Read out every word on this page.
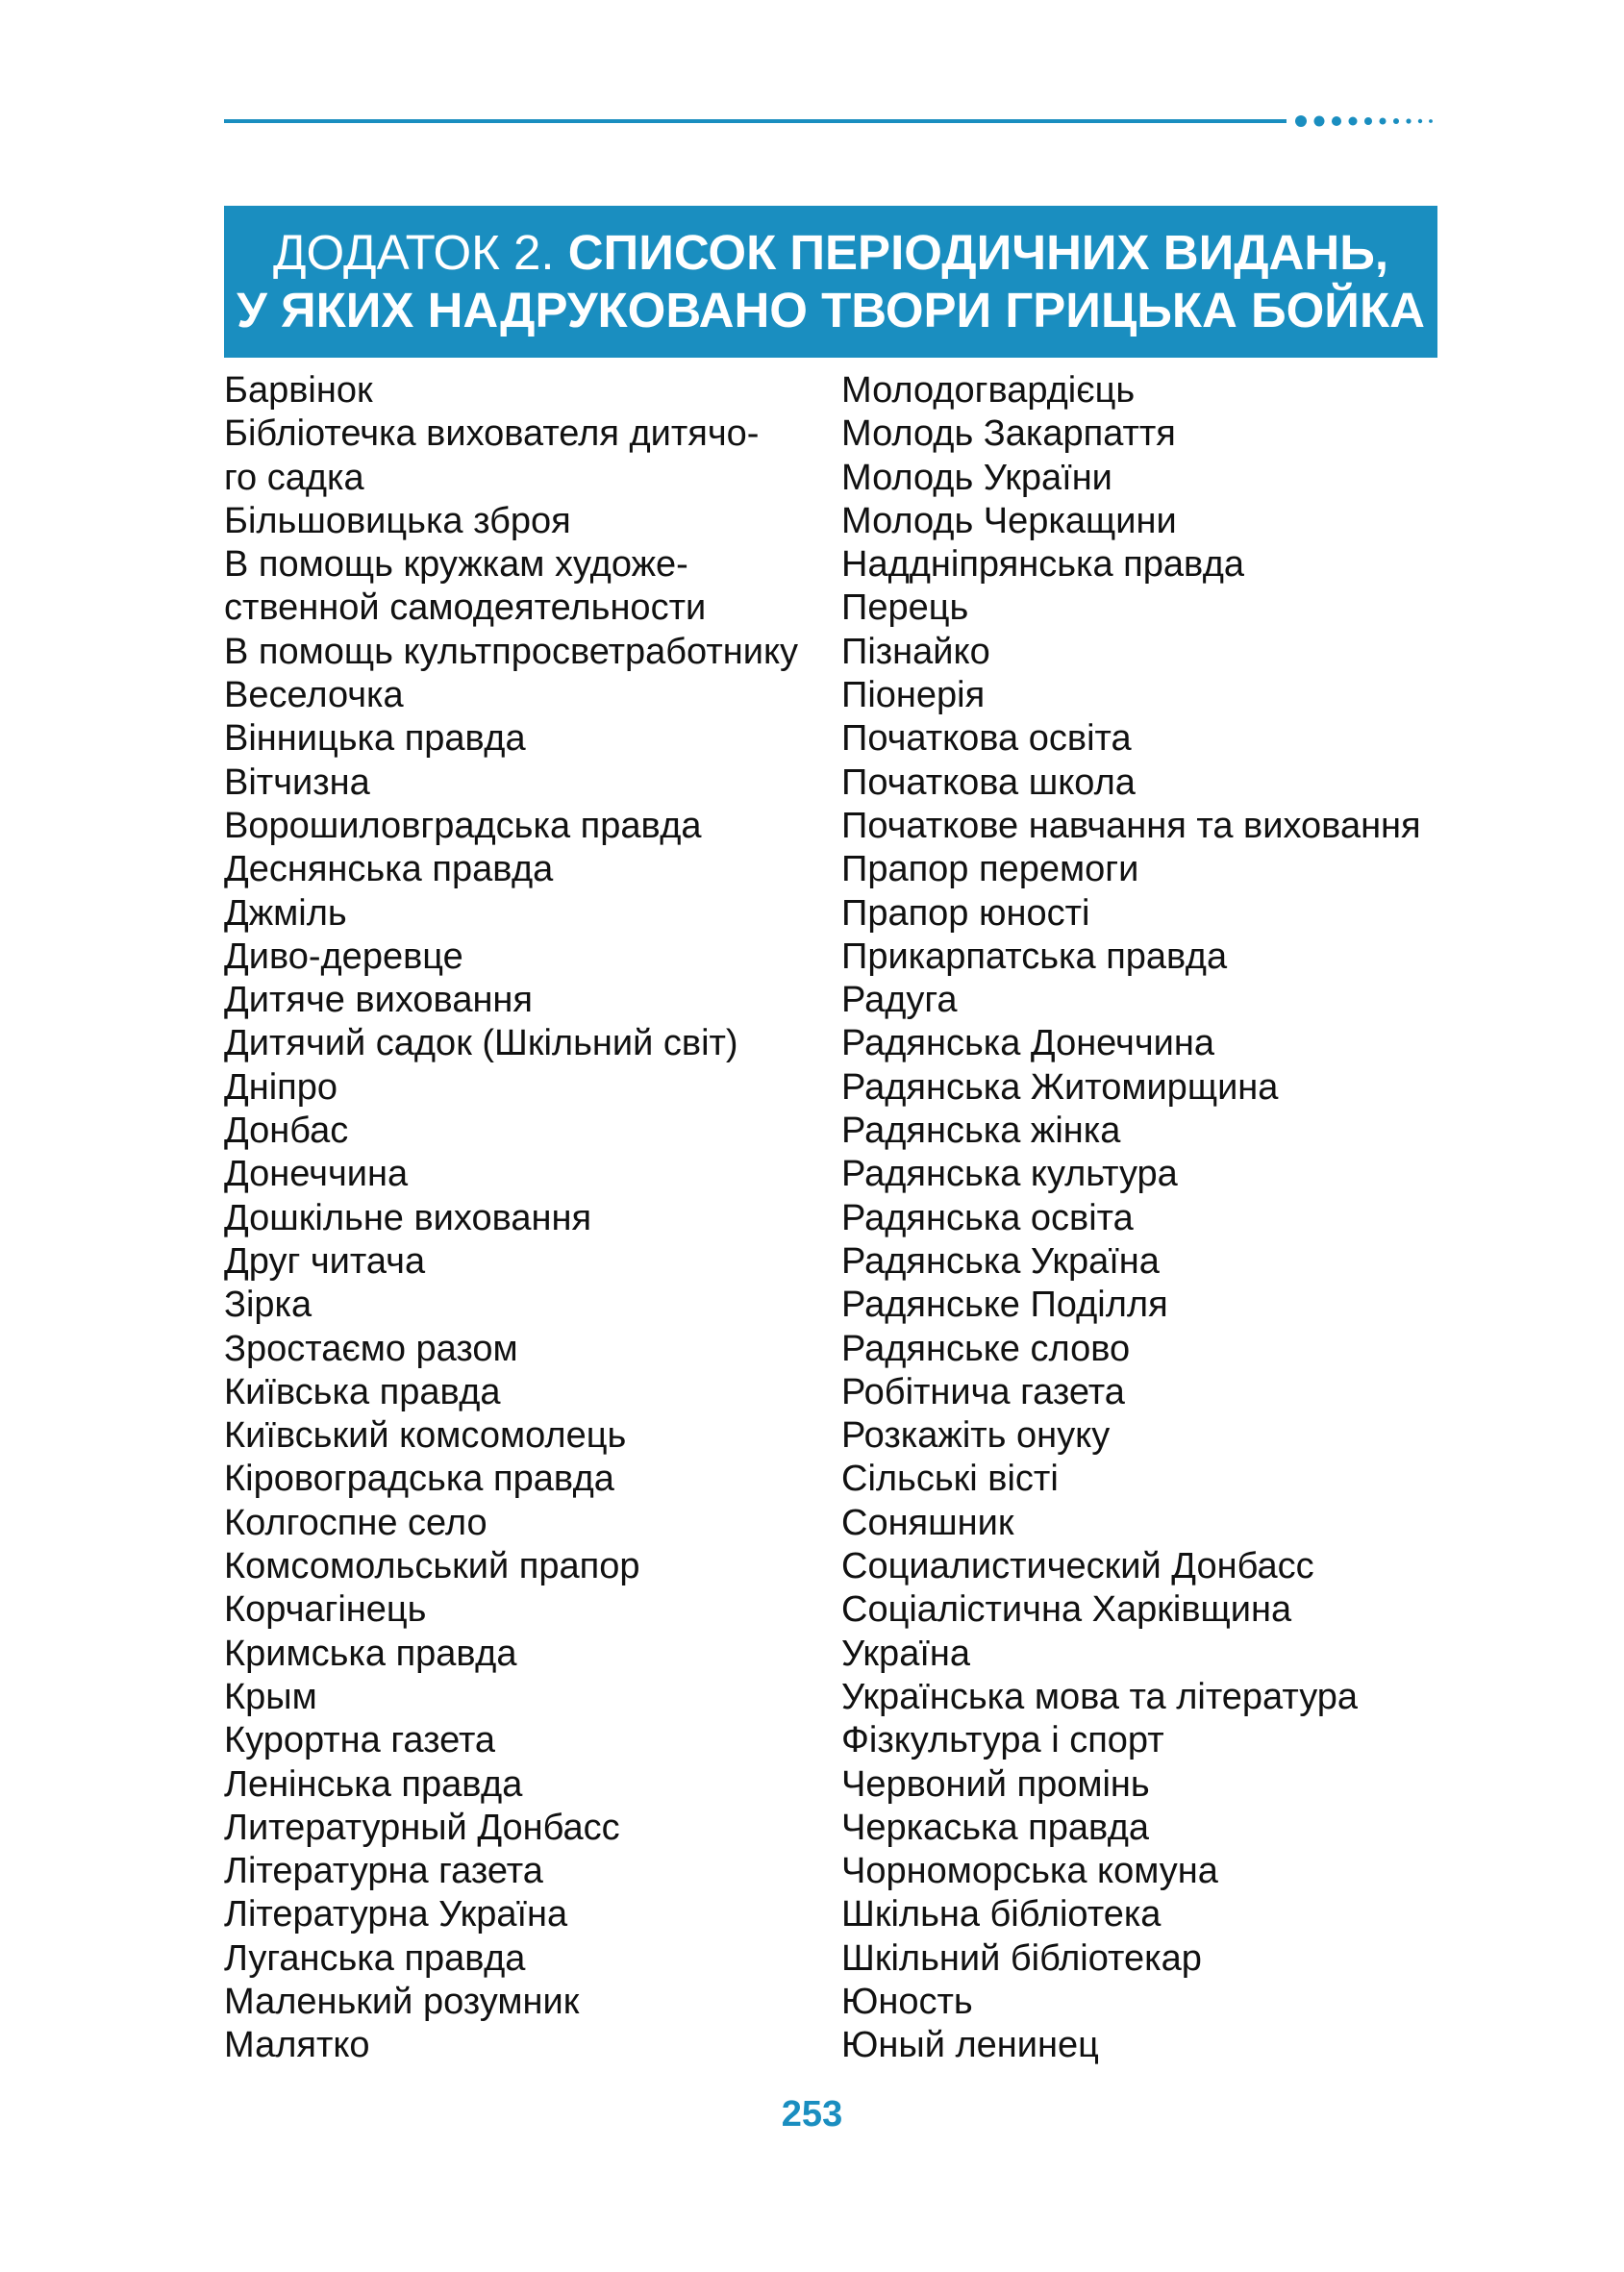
ДОДАТОК 2. СПИСОК ПЕРІОДИЧНИХ ВИДАНЬ,
У ЯКИХ НАДРУКОВАНО ТВОРИ ГРИЦЬКА БОЙКА
Барвінок
Бібліотечка вихователя дитячо-
го садка
Більшовицька зброя
В помощь кружкам художе-
ственной самодеятельности
В помощь культпросветработнику
Веселочка
Вінницька правда
Вітчизна
Ворошиловградська правда
Деснянська правда
Джміль
Диво-деревце
Дитяче виховання
Дитячий садок (Шкільний світ)
Дніпро
Донбас
Донеччина
Дошкільне виховання
Друг читача
Зірка
Зростаємо разом
Київська правда
Київський комсомолець
Кіровоградська правда
Колгоспне село
Комсомольський прапор
Корчагінець
Кримська правда
Крым
Курортна газета
Ленінська правда
Литературный Донбасс
Літературна газета
Літературна Україна
Луганська правда
Маленький розумник
Малятко
Молодогвардієць
Молодь Закарпаття
Молодь України
Молодь Черкащини
Наддніпрянська правда
Перець
Пізнайко
Піонерія
Початкова освіта
Початкова школа
Початкове навчання та виховання
Прапор перемоги
Прапор юності
Прикарпатська правда
Радуга
Радянська Донеччина
Радянська Житомирщина
Радянська жінка
Радянська культура
Радянська освіта
Радянська Україна
Радянське Поділля
Радянське слово
Робітнича газета
Розкажіть онуку
Сільські вісті
Соняшник
Социалистический Донбасс
Соціалістична Харківщина
Україна
Українська мова та література
Фізкультура і спорт
Червоний промінь
Черкаська правда
Чорноморська комуна
Шкільна бібліотека
Шкільний бібліотекар
Юность
Юный ленинец
253
